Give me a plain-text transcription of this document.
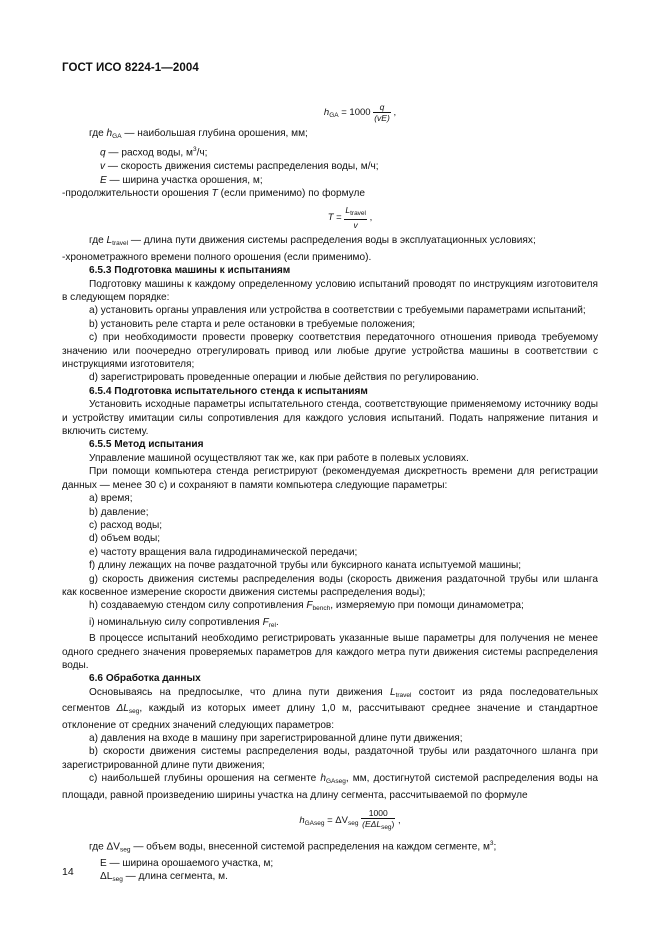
ГОСТ ИСО 8224-1—2004

$h_{GA} = 1000 \frac{q}{(vE)}$ ,

где $h_{GA}$ — наибольшая глубина орошения, мм;

q — расход воды, $м^3/ч$;

v — скорость движения системы распределения воды, м/ч;

E — ширина участка орошения, м;

-продолжительности орошения T (если применимо) по формуле

$T = \frac{L_{travel}}{v}$ ,

где $L_{travel}$ — длина пути движения системы распределения воды в эксплуатационных условиях;

-хронометражного времени полного орошения (если применимо).

6.5.3 Подготовка машины к испытаниям

Подготовку машины к каждому определенному условию испытаний проводят по инструкциям изготовителя в следующем порядке:

a) установить органы управления или устройства в соответствии с требуемыми параметрами испытаний;

b) установить реле старта и реле остановки в требуемые положения;

c) при необходимости провести проверку соответствия передаточного отношения привода требуемому значению или поочередно отрегулировать привод или любые другие устройства машины в соответствии с инструкциями изготовителя;

d) зарегистрировать проведенные операции и любые действия по регулированию.

6.5.4 Подготовка испытательного стенда к испытаниям

Установить исходные параметры испытательного стенда, соответствующие применяемому источнику воды и устройству имитации силы сопротивления для каждого условия испытаний. Подать напряжение питания и включить систему.

6.5.5 Метод испытания

Управление машиной осуществляют так же, как при работе в полевых условиях.

При помощи компьютера стенда регистрируют (рекомендуемая дискретность времени для регистрации данных — менее 30 с) и сохраняют в памяти компьютера следующие параметры:

a) время;

b) давление;

c) расход воды;

d) объем воды;

e) частоту вращения вала гидродинамической передачи;

f) длину лежащих на почве раздаточной трубы или буксирного каната испытуемой машины;

g) скорость движения системы распределения воды (скорость движения раздаточной трубы или шланга как косвенное измерение скорости движения системы распределения воды);

h) создаваемую стендом силу сопротивления $F_{bench}$, измеряемую при помощи динамометра;

i) номинальную силу сопротивления $F_{rel}$.

В процессе испытаний необходимо регистрировать указанные выше параметры для получения не менее одного среднего значения проверяемых параметров для каждого метра пути движения системы распределения воды.

6.6 Обработка данных

Основываясь на предпосылке, что длина пути движения $L_{travel}$ состоит из ряда последовательных сегментов $\Delta L_{seg}$, каждый из которых имеет длину 1,0 м, рассчитывают среднее значение и стандартное отклонение от средних значений следующих параметров:

a) давления на входе в машину при зарегистрированной длине пути движения;

b) скорости движения системы распределения воды, раздаточной трубы или раздаточного шланга при зарегистрированной длине пути движения;

c) наибольшей глубины орошения на сегменте $h_{GAseg}$, мм, достигнутой системой распределения воды на площади, равной произведению ширины участка на длину сегмента, рассчитываемой по формуле

$h_{GAseg} = \Delta V_{seg} \frac{1000}{(E\Delta L_{seg})}$ ,

где $\Delta V_{seg}$ — объем воды, внесенной системой распределения на каждом сегменте, $м^3$;

E — ширина орошаемого участка, м;

$\Delta L_{seg}$ — длина сегмента, м.

14
